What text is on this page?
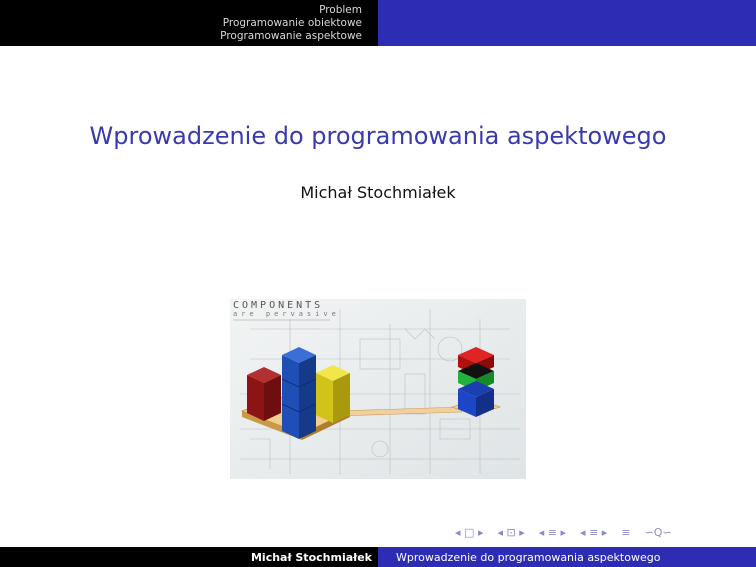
Problem
Programowanie obiektowe
Programowanie aspektowe
Wprowadzenie do programowania aspektowego
Michał Stochmiałek
COMPONENTS
are pervasive
◂ □ ▸ ◂ ⊡ ▸ ◂ ≡ ▸ ◂ ≡ ▸ ≡ ∽Q∽
Michał Stochmiałek	Wprowadzenie do programowania aspektowego
